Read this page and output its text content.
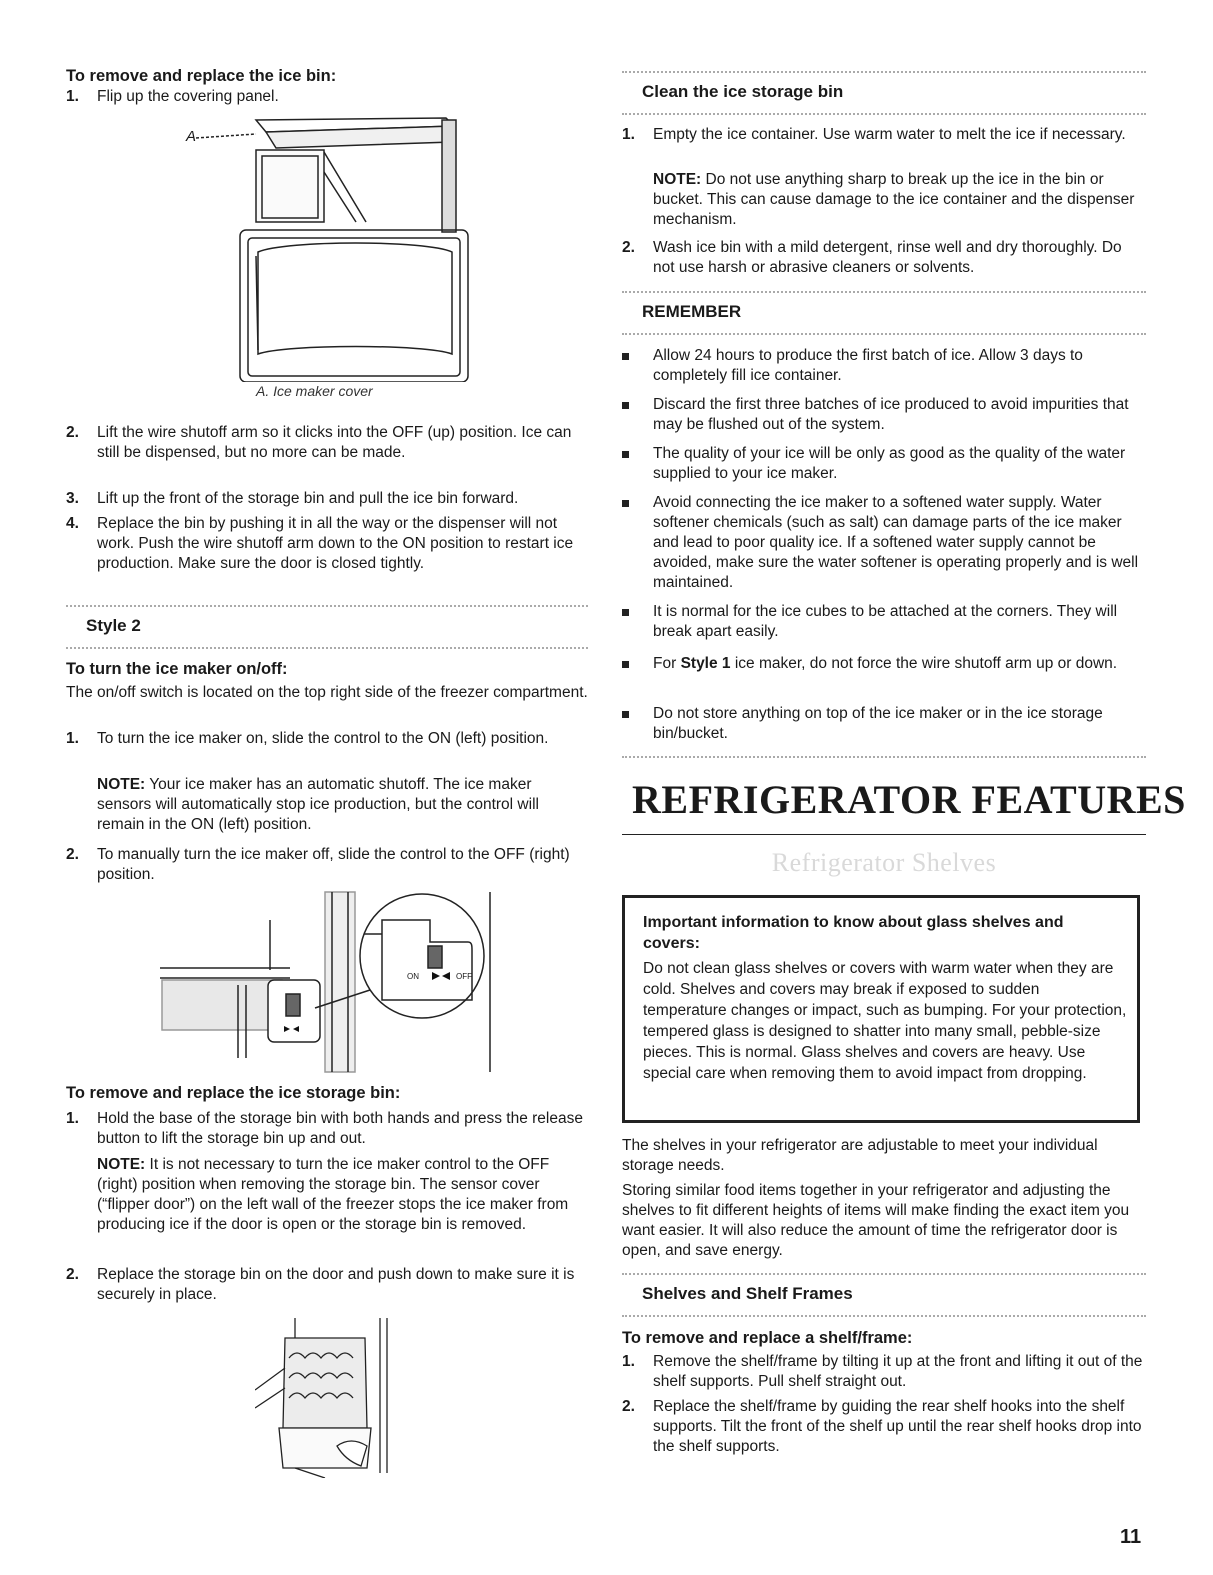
To remove and replace the ice bin:

1. Flip up the covering panel.
A
A. Ice maker cover
2. Lift the wire shutoff arm so it clicks into the OFF (up) position. Ice can still be dispensed, but no more can be made.
3. Lift up the front of the storage bin and pull the ice bin forward.
4. Replace the bin by pushing it in all the way or the dispenser will not work. Push the wire shutoff arm down to the ON position to restart ice production. Make sure the door is closed tightly.
Style 2

To turn the ice maker on/off:

The on/off switch is located on the top right side of the freezer compartment.

1. To turn the ice maker on, slide the control to the ON (left) position.
NOTE: Your ice maker has an automatic shutoff. The ice maker sensors will automatically stop ice production, but the control will remain in the ON (left) position.
2. To manually turn the ice maker off, slide the control to the OFF (right) position.
ON	OFF

To remove and replace the ice storage bin:

1. Hold the base of the storage bin with both hands and press the release button to lift the storage bin up and out.
NOTE: It is not necessary to turn the ice maker control to the OFF (right) position when removing the storage bin. The sensor cover (“flipper door”) on the left wall of the freezer stops the ice maker from producing ice if the door is open or the storage bin is removed.
2. Replace the storage bin on the door and push down to make sure it is securely in place.
Clean the ice storage bin
1. Empty the ice container. Use warm water to melt the ice if necessary.
NOTE: Do not use anything sharp to break up the ice in the bin or bucket. This can cause damage to the ice container and the dispenser mechanism.
2. Wash ice bin with a mild detergent, rinse well and dry thoroughly. Do not use harsh or abrasive cleaners or solvents.
REMEMBER
Allow 24 hours to produce the first batch of ice. Allow 3 days to completely fill ice container.
Discard the first three batches of ice produced to avoid impurities that may be flushed out of the system.
The quality of your ice will be only as good as the quality of the water supplied to your ice maker.
Avoid connecting the ice maker to a softened water supply. Water softener chemicals (such as salt) can damage parts of the ice maker and lead to poor quality ice. If a softened water supply cannot be avoided, make sure the water softener is operating properly and is well maintained.
It is normal for the ice cubes to be attached at the corners. They will break apart easily.
For Style 1 ice maker, do not force the wire shutoff arm up or down.
Do not store anything on top of the ice maker or in the ice storage bin/bucket.
REFRIGERATOR FEATURES
Refrigerator Shelves
Important information to know about glass shelves and covers:
Do not clean glass shelves or covers with warm water when they are cold. Shelves and covers may break if exposed to sudden temperature changes or impact, such as bumping. For your protection, tempered glass is designed to shatter into many small, pebble-size pieces. This is normal. Glass shelves and covers are heavy. Use special care when removing them to avoid impact from dropping.

The shelves in your refrigerator are adjustable to meet your individual storage needs.

Storing similar food items together in your refrigerator and adjusting the shelves to fit different heights of items will make finding the exact item you want easier. It will also reduce the amount of time the refrigerator door is open, and save energy.

Shelves and Shelf Frames

To remove and replace a shelf/frame:

1. Remove the shelf/frame by tilting it up at the front and lifting it out of the shelf supports. Pull shelf straight out.
2. Replace the shelf/frame by guiding the rear shelf hooks into the shelf supports. Tilt the front of the shelf up until the rear shelf hooks drop into the shelf supports.
11
